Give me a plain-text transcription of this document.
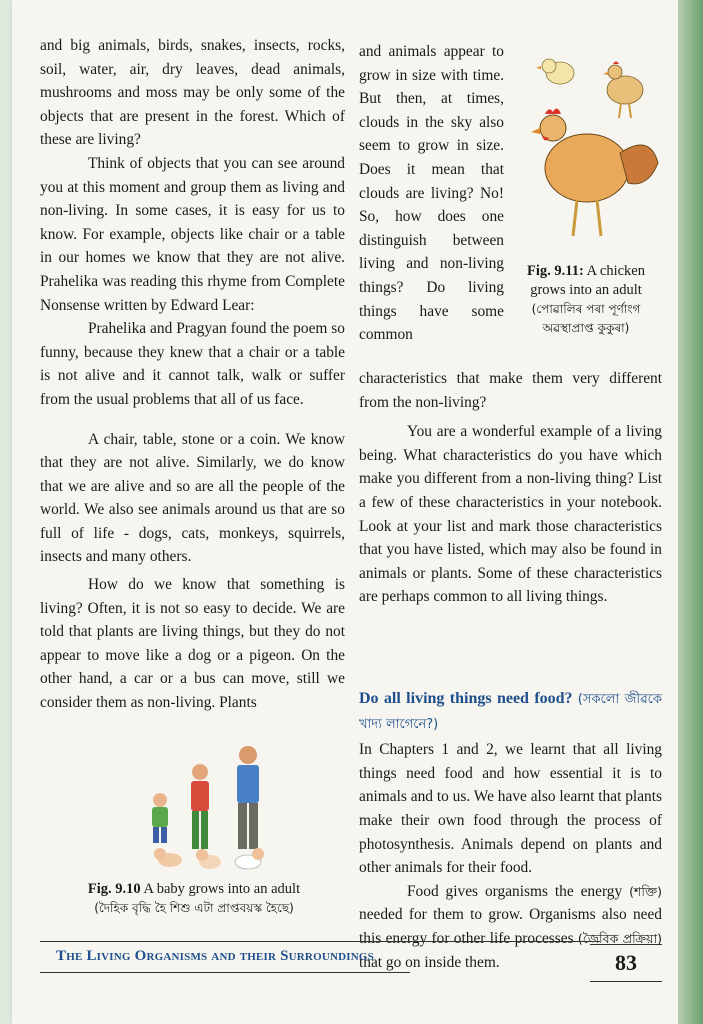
and big animals, birds, snakes, insects, rocks, soil, water, air, dry leaves, dead animals, mushrooms and moss may be only some of the objects that are present in the forest. Which of these are living?

Think of objects that you can see around you at this moment and group them as living and non-living. In some cases, it is easy for us to know. For example, objects like chair or a table in our homes we know that they are not alive. Prahelika was reading this rhyme from Complete Nonsense written by Edward Lear:

Prahelika and Pragyan found the poem so funny, because they knew that a chair or a table is not alive and it cannot talk, walk or suffer from the usual problems that all of us face.

A chair, table, stone or a coin. We know that they are not alive. Similarly, we do know that we are alive and so are all the people of the world. We also see animals around us that are so full of life - dogs, cats, monkeys, squirrels, insects and many others.

How do we know that something is living? Often, it is not so easy to decide. We are told that plants are living things, but they do not appear to move like a dog or a pigeon. On the other hand, a car or a bus can move, still we consider them as non-living. Plants

Fig. 9.10 A baby grows into an adult
(দৈহিক বৃদ্ধি হৈ শিশু এটা প্ৰাপ্তবয়স্ক হৈছে)

and animals appear to grow in size with time. But then, at times, clouds in the sky also seem to grow in size. Does it mean that clouds are living? No! So, how does one distinguish between living and non-living things? Do living things have some common

Fig. 9.11: A chicken grows into an adult
(পোৱালিৰ পৰা পূৰ্ণাংগ অৱস্থাপ্ৰাপ্ত কুকুৰা)

characteristics that make them very different from the non-living?

You are a wonderful example of a living being. What characteristics do you have which make you different from a non-living thing? List a few of these characteristics in your notebook. Look at your list and mark those characteristics that you have listed, which may also be found in animals or plants. Some of these characteristics are perhaps common to all living things.

Do all living things need food? (সকলো জীৱকে খাদ্য লাগেনে?)

In Chapters 1 and 2, we learnt that all living things need food and how essential it is to animals and to us. We have also learnt that plants make their own food through the process of photosynthesis. Animals depend on plants and other animals for their food.

Food gives organisms the energy (শক্তি) needed for them to grow. Organisms also need this energy for other life processes (জৈবিক প্ৰক্ৰিয়া) that go on inside them.

The Living Organisms and their Surroundings	83
